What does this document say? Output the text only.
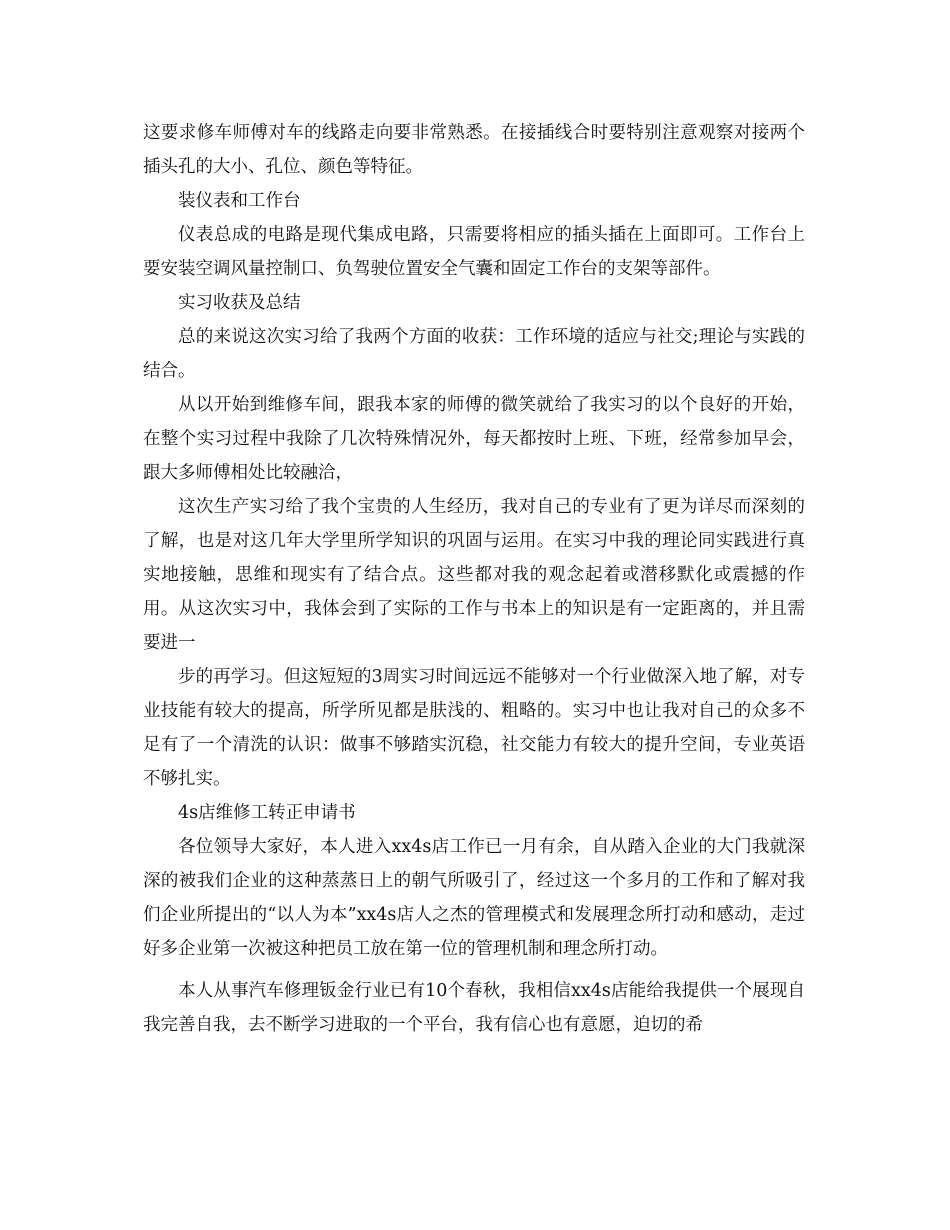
这要求修车师傅对车的线路走向要非常熟悉。在接插线合时要特别注意观察对接两个插头孔的大小、孔位、颜色等特征。

装仪表和工作台

仪表总成的电路是现代集成电路，只需要将相应的插头插在上面即可。工作台上要安装空调风量控制口、负驾驶位置安全气囊和固定工作台的支架等部件。

实习收获及总结

总的来说这次实习给了我两个方面的收获：工作环境的适应与社交;理论与实践的结合。

从以开始到维修车间，跟我本家的师傅的微笑就给了我实习的以个良好的开始，在整个实习过程中我除了几次特殊情况外，每天都按时上班、下班，经常参加早会，跟大多师傅相处比较融洽，

这次生产实习给了我个宝贵的人生经历，我对自己的专业有了更为详尽而深刻的了解，也是对这几年大学里所学知识的巩固与运用。在实习中我的理论同实践进行真实地接触，思维和现实有了结合点。这些都对我的观念起着或潜移默化或震撼的作用。从这次实习中，我体会到了实际的工作与书本上的知识是有一定距离的，并且需要进一

步的再学习。但这短短的3周实习时间远远不能够对一个行业做深入地了解，对专业技能有较大的提高，所学所见都是肤浅的、粗略的。实习中也让我对自己的众多不足有了一个清洗的认识：做事不够踏实沉稳，社交能力有较大的提升空间，专业英语不够扎实。

4s店维修工转正申请书

各位领导大家好，本人进入xx4s店工作已一月有余，自从踏入企业的大门我就深深的被我们企业的这种蒸蒸日上的朝气所吸引了，经过这一个多月的工作和了解对我们企业所提出的“以人为本”xx4s店人之杰的管理模式和发展理念所打动和感动，走过好多企业第一次被这种把员工放在第一位的管理机制和理念所打动。

本人从事汽车修理钣金行业已有10个春秋，我相信xx4s店能给我提供一个展现自我完善自我，去不断学习进取的一个平台，我有信心也有意愿，迫切的希
